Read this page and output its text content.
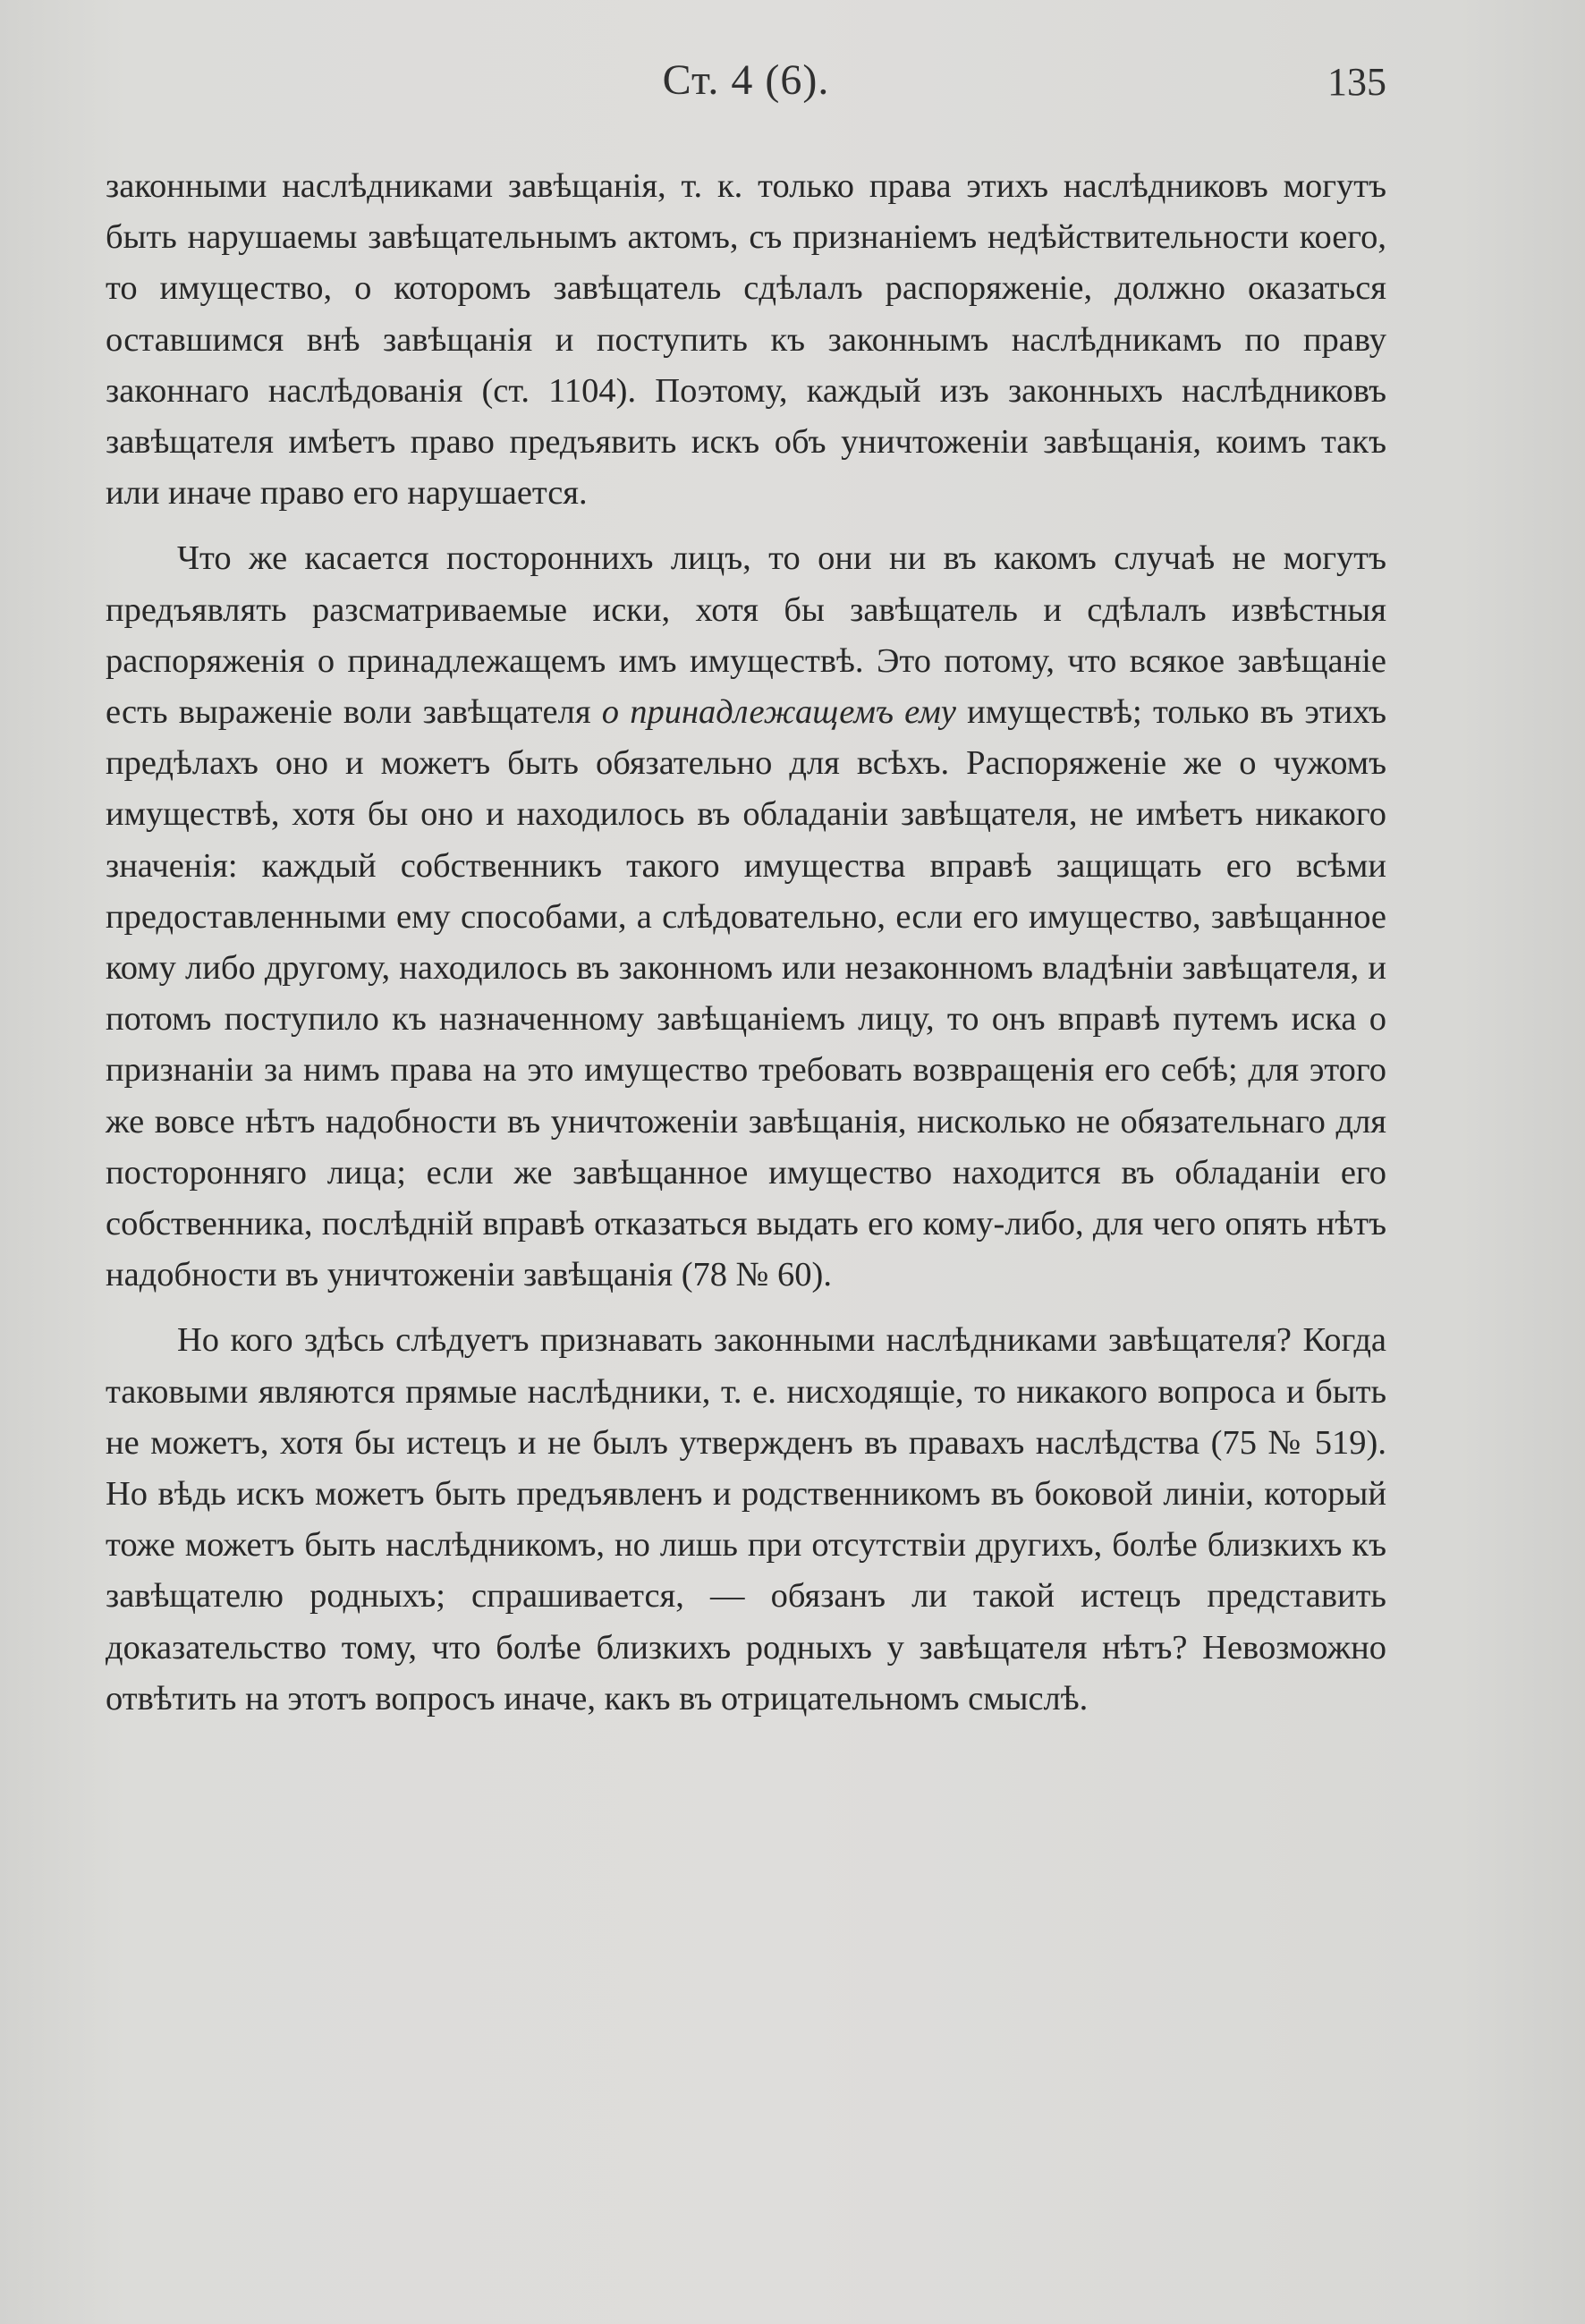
Ст. 4 (6).	135

законными наслѣдниками завѣщанія, т. к. только права этихъ наслѣдниковъ могутъ быть нарушаемы завѣщательнымъ актомъ, съ признаніемъ недѣйствительности коего, то имущество, о которомъ завѣщатель сдѣлалъ распоряженіе, должно оказаться оставшимся внѣ завѣщанія и поступить къ законнымъ наслѣдникамъ по праву законнаго наслѣдованія (ст. 1104). Поэтому, каждый изъ законныхъ наслѣдниковъ завѣщателя имѣетъ право предъявить искъ объ уничтоженіи завѣщанія, коимъ такъ или иначе право его нарушается.

Что же касается постороннихъ лицъ, то они ни въ какомъ случаѣ не могутъ предъявлять разсматриваемые иски, хотя бы завѣщатель и сдѣлалъ извѣстныя распоряженія о принадлежащемъ имъ имуществѣ. Это потому, что всякое завѣщаніе есть выраженіе воли завѣщателя о принадлежащемъ ему имуществѣ; только въ этихъ предѣлахъ оно и можетъ быть обязательно для всѣхъ. Распоряженіе же о чужомъ имуществѣ, хотя бы оно и находилось въ обладаніи завѣщателя, не имѣетъ никакого значенія: каждый собственникъ такого имущества вправѣ защищать его всѣми предоставленными ему способами, а слѣдовательно, если его имущество, завѣщанное кому либо другому, находилось въ законномъ или незаконномъ владѣніи завѣщателя, и потомъ поступило къ назначенному завѣщаніемъ лицу, то онъ вправѣ путемъ иска о признаніи за нимъ права на это имущество требовать возвращенія его себѣ; для этого же вовсе нѣтъ надобности въ уничтоженіи завѣщанія, нисколько не обязательнаго для посторонняго лица; если же завѣщанное имущество находится въ обладаніи его собственника, послѣдній вправѣ отказаться выдать его кому-либо, для чего опять нѣтъ надобности въ уничтоженіи завѣщанія (78 № 60).

Но кого здѣсь слѣдуетъ признавать законными наслѣдниками завѣщателя? Когда таковыми являются прямые наслѣдники, т. е. нисходящіе, то никакого вопроса и быть не можетъ, хотя бы истецъ и не былъ утвержденъ въ правахъ наслѣдства (75 № 519). Но вѣдь искъ можетъ быть предъявленъ и родственникомъ въ боковой линіи, который тоже можетъ быть наслѣдникомъ, но лишь при отсутствіи другихъ, болѣе близкихъ къ завѣщателю родныхъ; спрашивается, — обязанъ ли такой истецъ представить доказательство тому, что болѣе близкихъ родныхъ у завѣщателя нѣтъ? Невозможно отвѣтить на этотъ вопросъ иначе, какъ въ отрицательномъ смыслѣ.
